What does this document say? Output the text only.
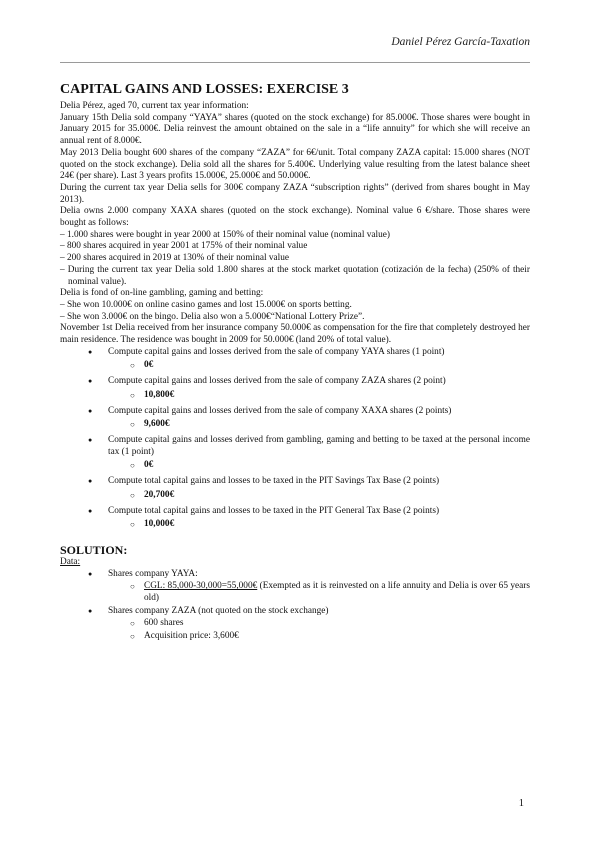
Daniel Pérez García-Taxation
CAPITAL GAINS AND LOSSES: EXERCISE 3

Delia Pérez, aged 70, current tax year information:

January 15th Delia sold company “YAYA” shares (quoted on the stock exchange) for 85.000€. Those shares were bought in January 2015 for 35.000€. Delia reinvest the amount obtained on the sale in a “life annuity” for which she will receive an annual rent of 8.000€.

May 2013 Delia bought 600 shares of the company “ZAZA” for 6€/unit. Total company ZAZA capital: 15.000 shares (NOT quoted on the stock exchange). Delia sold all the shares for 5.400€. Underlying value resulting from the latest balance sheet 24€ (per share). Last 3 years profits 15.000€, 25.000€ and 50.000€.

During the current tax year Delia sells for 300€ company ZAZA “subscription rights” (derived from shares bought in May 2013).

Delia owns 2.000 company XAXA shares (quoted on the stock exchange). Nominal value 6 €/share. Those shares were bought as follows:

– 1.000 shares were bought in year 2000 at 150% of their nominal value (nominal value)

– 800 shares acquired in year 2001 at 175% of their nominal value

– 200 shares acquired in 2019 at 130% of their nominal value

– During the current tax year Delia sold 1.800 shares at the stock market quotation (cotización de la fecha) (250% of their nominal value).

Delia is fond of on-line gambling, gaming and betting:

– She won 10.000€ on online casino games and lost 15.000€ on sports betting.

– She won 3.000€ on the bingo. Delia also won a 5.000€“National Lottery Prize”.

November 1st Delia received from her insurance company 50.000€ as compensation for the fire that completely destroyed her main residence. The residence was bought in 2009 for 50.000€ (land 20% of total value).

● Compute capital gains and losses derived from the sale of company YAYA shares (1 point)
○ 0€
● Compute capital gains and losses derived from the sale of company ZAZA shares (2 point)
○ 10,800€
● Compute capital gains and losses derived from the sale of company XAXA shares (2 points)
○ 9,600€
● Compute capital gains and losses derived from gambling, gaming and betting to be taxed at the personal income tax (1 point)
○ 0€
● Compute total capital gains and losses to be taxed in the PIT Savings Tax Base (2 points)
○ 20,700€
● Compute total capital gains and losses to be taxed in the PIT General Tax Base (2 points)
○ 10,000€
SOLUTION:
Data:
● Shares company YAYA:
○ CGL: 85,000-30,000=55,000€ (Exempted as it is reinvested on a life annuity and Delia is over 65 years old)
● Shares company ZAZA (not quoted on the stock exchange)
○ 600 shares
○ Acquisition price: 3,600€
1
